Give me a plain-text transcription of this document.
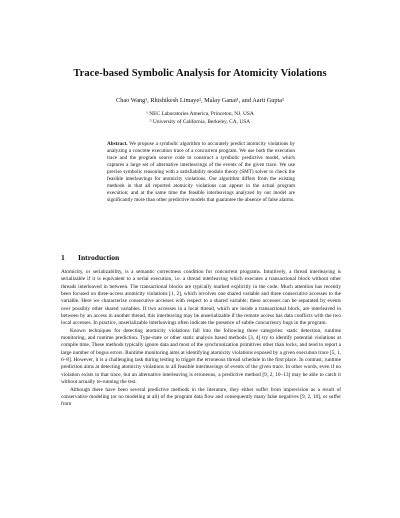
Trace-based Symbolic Analysis for Atomicity Violations
Chao Wang¹, Rhishikesh Limaye², Malay Ganai¹, and Aarti Gupta¹
¹ NEC Laboratories America, Princeton, NJ, USA
² University of California, Berkeley, CA, USA
Abstract. We propose a symbolic algorithm to accurately predict atomicity violations by analyzing a concrete execution trace of a concurrent program. We use both the execution trace and the program source code to construct a symbolic predictive model, which captures a large set of alternative interleavings of the events of the given trace. We use precise symbolic reasoning with a satisfiability modulo theory (SMT) solver to check the feasible interleavings for atomicity violations. Our algorithm differs from the existing methods in that all reported atomicity violations can appear in the actual program execution; and at the same time the feasible interleavings analyzed by our model are significantly more than other predictive models that guarantee the absence of false alarms.
1 Introduction

Atomicity, or serializability, is a semantic correctness condition for concurrent programs. Intuitively, a thread interleaving is serializable if it is equivalent to a serial execution, i.e. a thread interleaving which executes a transactional block without other threads interleaved in between. The transactional blocks are typically marked explicitly in the code. Much attention has recently been focused on three-access atomicity violations [1, 2], which involves one shared variable and three consecutive accesses to the variable. Here we characterize consecutive accesses with respect to a shared variable; these accesses can be separated by events over possibly other shared variables. If two accesses in a local thread, which are inside a transactional block, are interleaved in between by an access in another thread, this interleaving may be unserializable if the remote access has data conflicts with the two local accesses. In practice, unserializable interleavings often indicate the presence of subtle concurrency bugs in the program.

Known techniques for detecting atomicity violations fall into the following three categories: static detection, runtime monitoring, and runtime prediction. Type-state or other static analysis based methods [3, 4] try to identify potential violations at compile time. These methods typically ignore data and most of the synchronization primitives other than locks, and tend to report a large number of bogus errors. Runtime monitoring aims at identifying atomicity violations exposed by a given execution trace [5, 1, 6–8]. However, it is a challenging task during testing to trigger the erroneous thread schedule in the first place. In contrast, runtime prediction aims at detecting atomicity violations in all feasible interleavings of events of the given trace. In other words, even if no violation exists in that trace, but an alternative interleaving is erroneous, a predictive method [9, 2, 10–13] may be able to catch it without actually re-running the test.

Although there have been several predictive methods in the literature, they either suffer from imprecision as a result of conservative modeling (or no modeling at all) of the program data flow and consequently many false negatives [9, 2, 10], or suffer from
